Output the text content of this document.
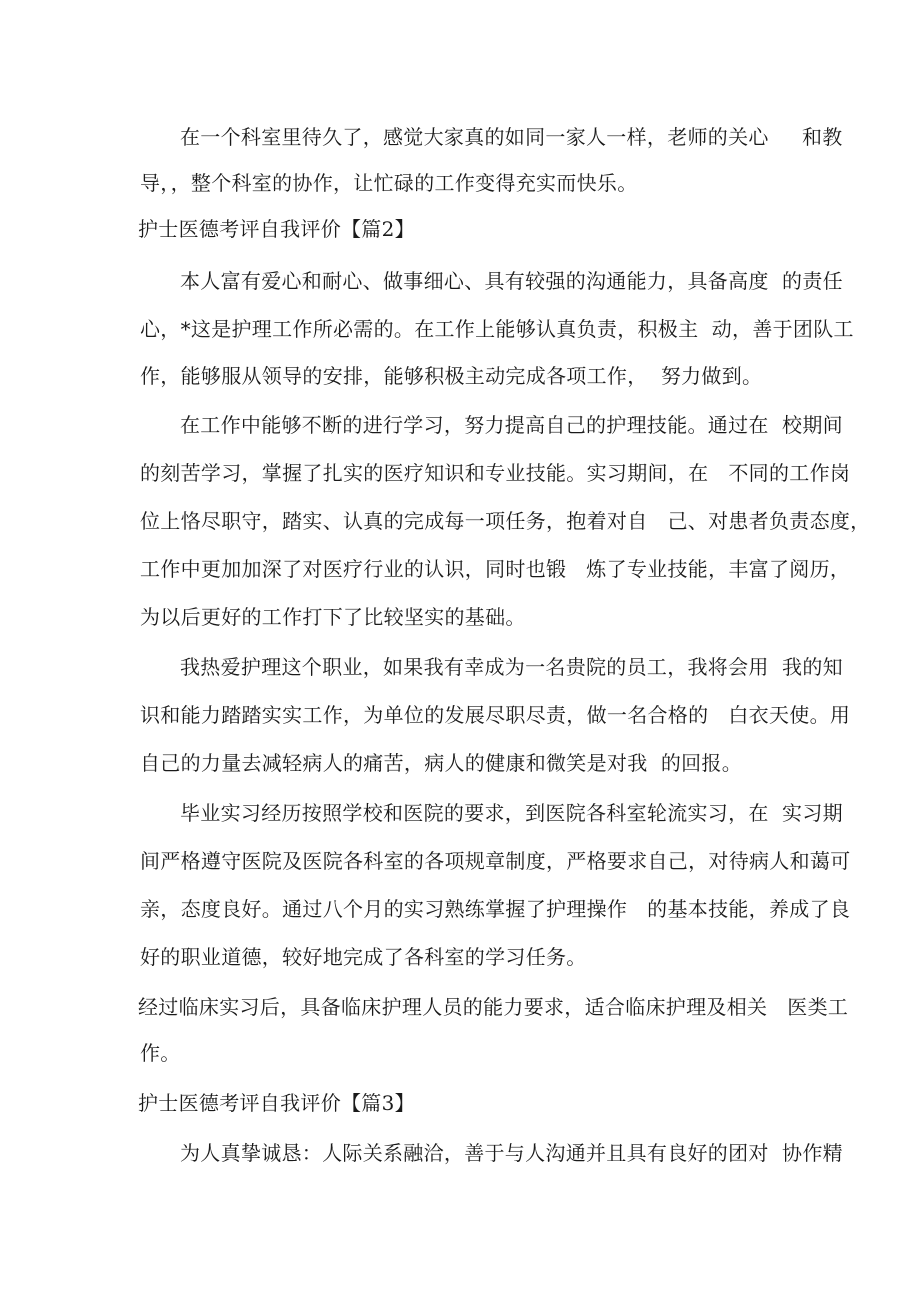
在一个科室里待久了，感觉大家真的如同一家人一样，老师的关心     和教
导，，整个科室的协作，让忙碌的工作变得充实而快乐。
护士医德考评自我评价【篇2】
本人富有爱心和耐心、做事细心、具有较强的沟通能力，具备高度  的责任
心，*这是护理工作所必需的。在工作上能够认真负责，积极主  动，善于团队工
作，能够服从领导的安排，能够积极主动完成各项工作，  努力做到。
在工作中能够不断的进行学习，努力提高自己的护理技能。通过在  校期间
的刻苦学习，掌握了扎实的医疗知识和专业技能。实习期间，在   不同的工作岗
位上恪尽职守，踏实、认真的完成每一项任务，抱着对自   己、对患者负责态度，
工作中更加加深了对医疗行业的认识，同时也锻   炼了专业技能，丰富了阅历，
为以后更好的工作打下了比较坚实的基础。
我热爱护理这个职业，如果我有幸成为一名贵院的员工，我将会用  我的知
识和能力踏踏实实工作，为单位的发展尽职尽责，做一名合格的   白衣天使。用
自己的力量去减轻病人的痛苦，病人的健康和微笑是对我  的回报。
毕业实习经历按照学校和医院的要求，到医院各科室轮流实习，在  实习期
间严格遵守医院及医院各科室的各项规章制度，严格要求自己，对待病人和蔼可
亲，态度良好。通过八个月的实习熟练掌握了护理操作   的基本技能，养成了良
好的职业道德，较好地完成了各科室的学习任务。
经过临床实习后，具备临床护理人员的能力要求，适合临床护理及相关   医类工
作。
护士医德考评自我评价【篇3】
为人真挚诚恳：人际关系融洽，善于与人沟通并且具有良好的团对  协作精
